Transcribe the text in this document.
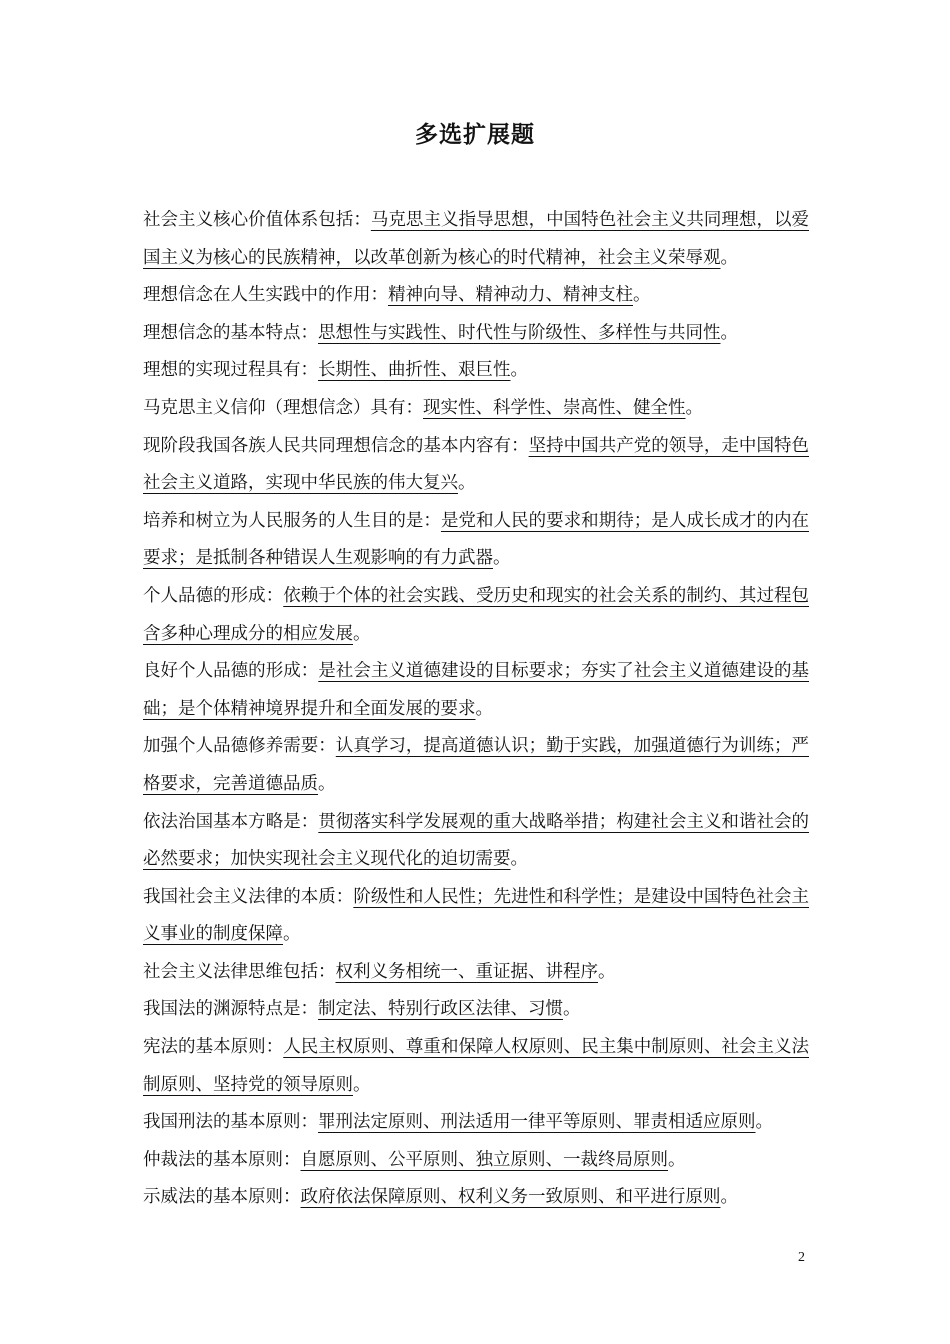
多选扩展题

社会主义核心价值体系包括：马克思主义指导思想，中国特色社会主义共同理想，以爱国主义为核心的民族精神，以改革创新为核心的时代精神，社会主义荣辱观。

理想信念在人生实践中的作用：精神向导、精神动力、精神支柱。

理想信念的基本特点：思想性与实践性、时代性与阶级性、多样性与共同性。

理想的实现过程具有：长期性、曲折性、艰巨性。

马克思主义信仰（理想信念）具有：现实性、科学性、崇高性、健全性。

现阶段我国各族人民共同理想信念的基本内容有：坚持中国共产党的领导，走中国特色社会主义道路，实现中华民族的伟大复兴。

培养和树立为人民服务的人生目的是：是党和人民的要求和期待；是人成长成才的内在要求；是抵制各种错误人生观影响的有力武器。

个人品德的形成：依赖于个体的社会实践、受历史和现实的社会关系的制约、其过程包含多种心理成分的相应发展。

良好个人品德的形成：是社会主义道德建设的目标要求；夯实了社会主义道德建设的基础；是个体精神境界提升和全面发展的要求。

加强个人品德修养需要：认真学习，提高道德认识；勤于实践，加强道德行为训练；严格要求，完善道德品质。

依法治国基本方略是：贯彻落实科学发展观的重大战略举措；构建社会主义和谐社会的必然要求；加快实现社会主义现代化的迫切需要。

我国社会主义法律的本质：阶级性和人民性；先进性和科学性；是建设中国特色社会主义事业的制度保障。

社会主义法律思维包括：权利义务相统一、重证据、讲程序。

我国法的渊源特点是：制定法、特别行政区法律、习惯。

宪法的基本原则：人民主权原则、尊重和保障人权原则、民主集中制原则、社会主义法制原则、坚持党的领导原则。

我国刑法的基本原则：罪刑法定原则、刑法适用一律平等原则、罪责相适应原则。

仲裁法的基本原则：自愿原则、公平原则、独立原则、一裁终局原则。

示威法的基本原则：政府依法保障原则、权利义务一致原则、和平进行原则。

2
